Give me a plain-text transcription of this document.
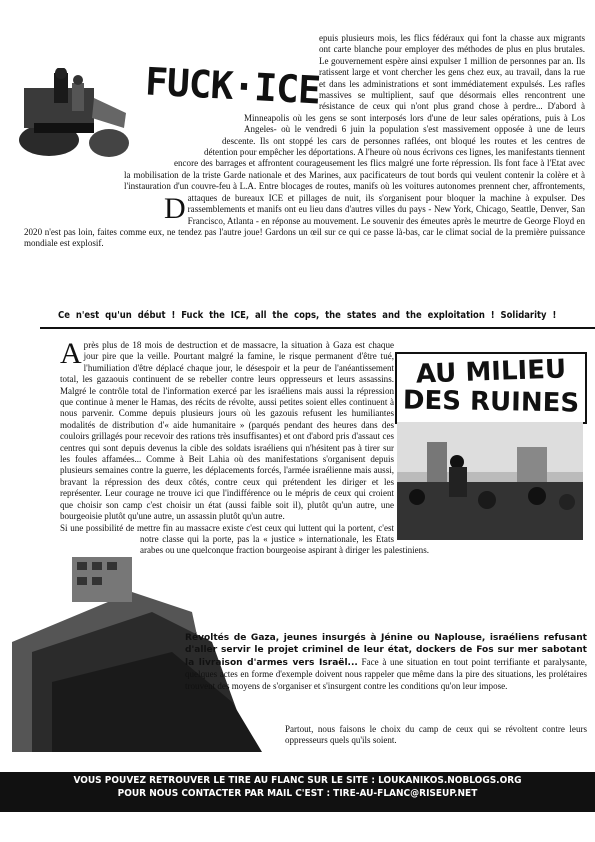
FUCK·ICE
D
epuis plusieurs mois, les flics fédéraux qui font la chasse aux migrants ont carte blanche pour employer des méthodes de plus en plus brutales. Le gouvernement espère ainsi expulser 1 million de personnes par an. Ils ratissent large et vont chercher les gens chez eux, au travail, dans la rue et dans les administrations et sont immédiatement expulsés. Les rafles massives se multiplient, sauf que désormais elles rencontrent une résistance de ceux qui n'ont plus grand chose à perdre... D'abord à Minneapolis où les gens se sont interposés lors d'une de leur sales opérations, puis à Los Angeles- où le vendredi 6 juin la population s'est massivement opposée à une de leurs descente. Ils ont stoppé les cars de personnes raflées, ont bloqué les routes et les centres de détention pour empêcher les déportations. A l'heure où nous écrivons ces lignes, les manifestants tiennent encore des barrages et affrontent courageusement les flics malgré une forte répression. Ils font face à l'Etat avec la mobilisation de la triste Garde nationale et des Marines, aux pacificateurs de tout bords qui veulent contenir la colère et à l'instauration d'un couvre-feu à L.A. Entre blocages de routes, manifs où les voitures autonomes prennent cher, affrontements, attaques de bureaux ICE et pillages de nuit, ils s'organisent pour bloquer la machine à expulser. Des rassemblements et manifs ont eu lieu dans d'autres villes du pays - New York, Chicago, Seattle, Denver, San Francisco, Atlanta - en réponse au mouvement. Le souvenir des émeutes après le meurtre de George Floyd en 2020 n'est pas loin, faites comme eux, ne tendez pas l'autre joue! Gardons un œil sur ce qui ce passe là-bas, car le climat social de la première puissance mondiale est explosif.
Ce n'est qu'un début ! Fuck the ICE, all the cops, the states and the exploitation ! Solidarity !
AU MILIEU
DES RUINES
Après plus de 18 mois de destruction et de massacre, la situation à Gaza est chaque jour pire que la veille. Pourtant malgré la famine, le risque permanent d'être tué, l'humiliation d'être déplacé chaque jour, le désespoir et la peur de l'anéantissement total, les gazaouis continuent de se rebeller contre leurs oppresseurs et leurs assassins. Malgré le contrôle total de l'information exercé par les israéliens mais aussi la répression que continue à mener le Hamas, des récits de révolte, aussi petites soient elles continuent à nous parvenir. Comme depuis plusieurs jours où les gazouis refusent les humiliantes modalités de distribution d'« aide humanitaire » (parqués pendant des heures dans des couloirs grillagés pour recevoir des rations très insuffisantes) et ont d'abord pris d'assaut ces centres qui sont depuis devenus la cible des soldats israéliens qui n'hésitent pas à tirer sur les foules affamées... Comme à Beit Lahia où des manifestations s'organisent depuis plusieurs semaines contre la guerre, les déplacements forcés, l'armée israélienne mais aussi, bravant la répression des deux côtés, contre ceux qui prétendent les diriger et les représenter. Leur courage ne trouve ici que l'indifférence ou le mépris de ceux qui croient que choisir son camp c'est choisir un état (aussi faible soit il), plutôt qu'un autre, une bourgeoisie plutôt qu'une autre, un assassin plutôt qu'un autre.

Si une possibilité de mettre fin au massacre existe c'est ceux qui luttent qui la portent, c'est notre classe qui la porte, pas la « justice » internationale, les Etats arabes ou une quelconque fraction bourgeoise aspirant à diriger les palestiniens.

Révoltés de Gaza, jeunes insurgés à Jénine ou Naplouse, israéliens refusant d'aller servir le projet criminel de leur état, dockers de Fos sur mer sabotant la livraison d'armes vers Israël... Face à une situation en tout point terrifiante et paralysante, quelques actes en forme d'exemple doivent nous rappeler que même dans la pire des situations, les prolétaires trouvent des moyens de s'organiser et s'insurgent contre les conditions qu'on leur impose.

Partout, nous faisons le choix du camp de ceux qui se révoltent contre leurs oppresseurs quels qu'ils soient.

VOUS POUVEZ RETROUVER LE TIRE AU FLANC SUR LE SITE : LOUKANIKOS.NOBLOGS.ORG
POUR NOUS CONTACTER PAR MAIL C'EST : TIRE-AU-FLANC@RISEUP.NET
